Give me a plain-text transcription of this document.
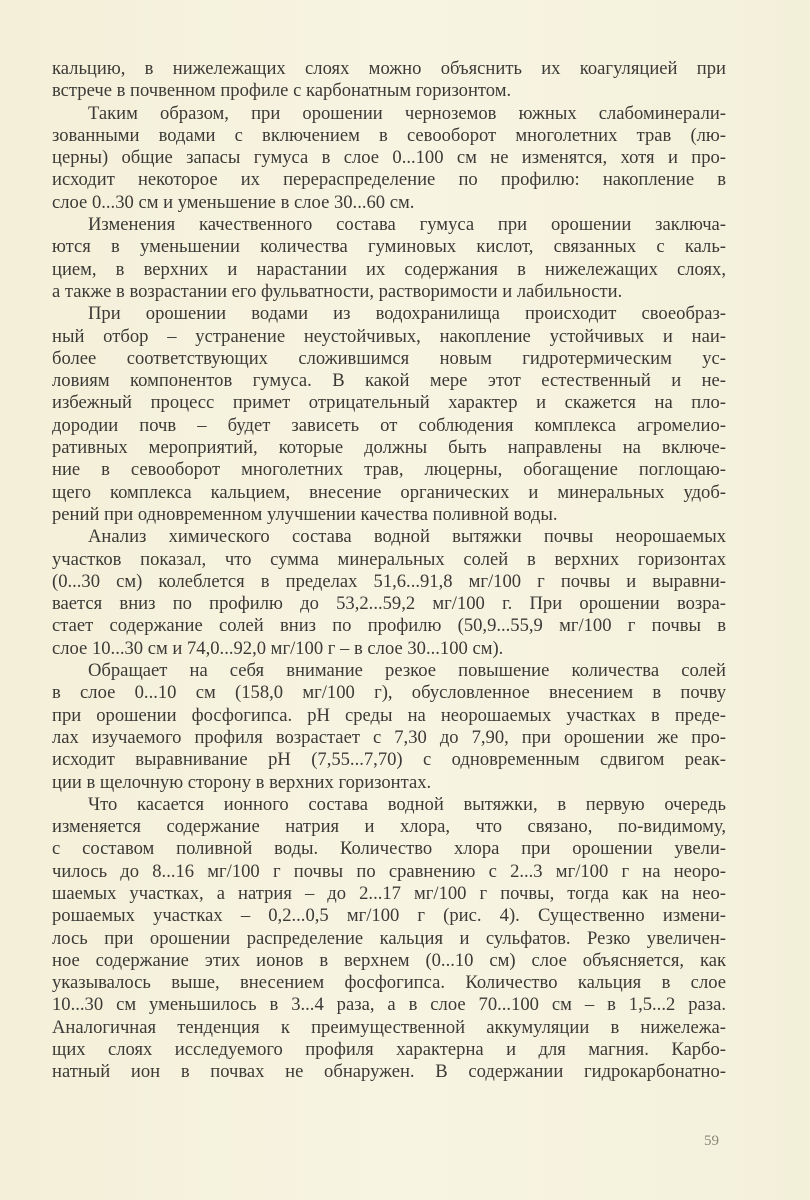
кальцию, в нижележащих слоях можно объяснить их коагуляцией при
встрече в почвенном профиле с карбонатным горизонтом.
Таким образом, при орошении черноземов южных слабоминерали-
зованными водами с включением в севооборот многолетних трав (лю-
церны) общие запасы гумуса в слое 0...100 см не изменятся, хотя и про-
исходит некоторое их перераспределение по профилю: накопление в
слое 0...30 см и уменьшение в слое 30...60 см.
Изменения качественного состава гумуса при орошении заключа-
ются в уменьшении количества гуминовых кислот, связанных с каль-
цием, в верхних и нарастании их содержания в нижележащих слоях,
а также в возрастании его фульватности, растворимости и лабильности.
При орошении водами из водохранилища происходит своеобраз-
ный отбор – устранение неустойчивых, накопление устойчивых и наи-
более соответствующих сложившимся новым гидротермическим ус-
ловиям компонентов гумуса. В какой мере этот естественный и не-
избежный процесс примет отрицательный характер и скажется на пло-
дородии почв – будет зависеть от соблюдения комплекса агромелио-
ративных мероприятий, которые должны быть направлены на включе-
ние в севооборот многолетних трав, люцерны, обогащение поглощаю-
щего комплекса кальцием, внесение органических и минеральных удоб-
рений при одновременном улучшении качества поливной воды.
Анализ химического состава водной вытяжки почвы неорошаемых
участков показал, что сумма минеральных солей в верхних горизонтах
(0...30 см) колеблется в пределах 51,6...91,8 мг/100 г почвы и выравни-
вается вниз по профилю до 53,2...59,2 мг/100 г. При орошении возра-
стает содержание солей вниз по профилю (50,9...55,9 мг/100 г почвы в
слое 10...30 см и 74,0...92,0 мг/100 г – в слое 30...100 см).
Обращает на себя внимание резкое повышение количества солей
в слое 0...10 см (158,0 мг/100 г), обусловленное внесением в почву
при орошении фосфогипса. pH среды на неорошаемых участках в преде-
лах изучаемого профиля возрастает с 7,30 до 7,90, при орошении же про-
исходит выравнивание pH (7,55...7,70) с одновременным сдвигом реак-
ции в щелочную сторону в верхних горизонтах.
Что касается ионного состава водной вытяжки, в первую очередь
изменяется содержание натрия и хлора, что связано, по-видимому,
с составом поливной воды. Количество хлора при орошении увели-
чилось до 8...16 мг/100 г почвы по сравнению с 2...3 мг/100 г на неоро-
шаемых участках, а натрия – до 2...17 мг/100 г почвы, тогда как на нео-
рошаемых участках – 0,2...0,5 мг/100 г (рис. 4). Существенно измени-
лось при орошении распределение кальция и сульфатов. Резко увеличен-
ное содержание этих ионов в верхнем (0...10 см) слое объясняется, как
указывалось выше, внесением фосфогипса. Количество кальция в слое
10...30 см уменьшилось в 3...4 раза, а в слое 70...100 см – в 1,5...2 раза.
Аналогичная тенденция к преимущественной аккумуляции в нижележа-
щих слоях исследуемого профиля характерна и для магния. Карбо-
натный ион в почвах не обнаружен. В содержании гидрокарбонатно-
59
